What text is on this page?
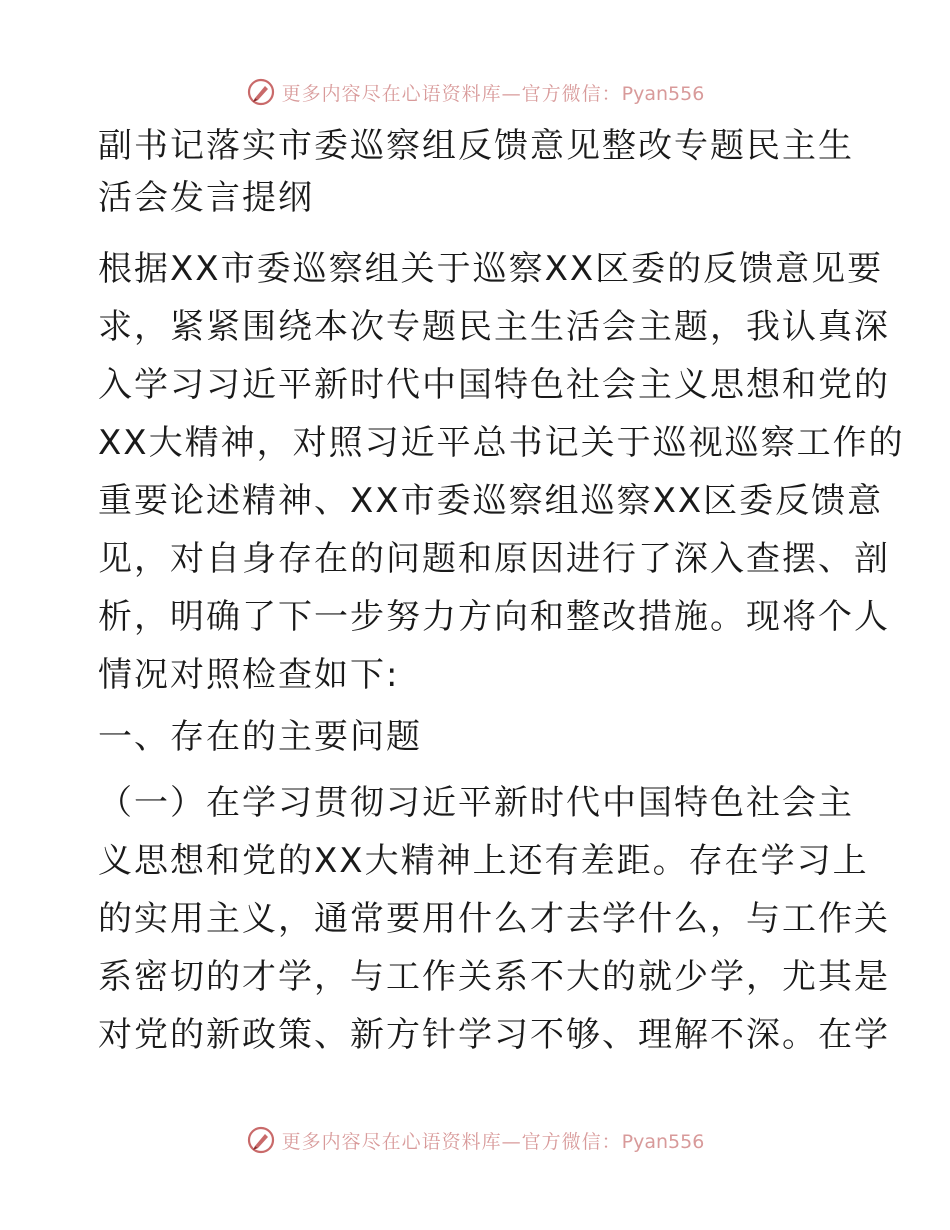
更多内容尽在心语资料库—官方微信：Pyan556
副书记落实市委巡察组反馈意见整改专题民主生
活会发言提纲
根据XX市委巡察组关于巡察XX区委的反馈意见要
求，紧紧围绕本次专题民主生活会主题，我认真深
入学习习近平新时代中国特色社会主义思想和党的
XX大精神，对照习近平总书记关于巡视巡察工作的
重要论述精神、XX市委巡察组巡察XX区委反馈意
见，对自身存在的问题和原因进行了深入查摆、剖
析，明确了下一步努力方向和整改措施。现将个人
情况对照检查如下:
一、存在的主要问题
（一）在学习贯彻习近平新时代中国特色社会主
义思想和党的XX大精神上还有差距。存在学习上
的实用主义，通常要用什么才去学什么，与工作关
系密切的才学，与工作关系不大的就少学，尤其是
对党的新政策、新方针学习不够、理解不深。在学
更多内容尽在心语资料库—官方微信：Pyan556
